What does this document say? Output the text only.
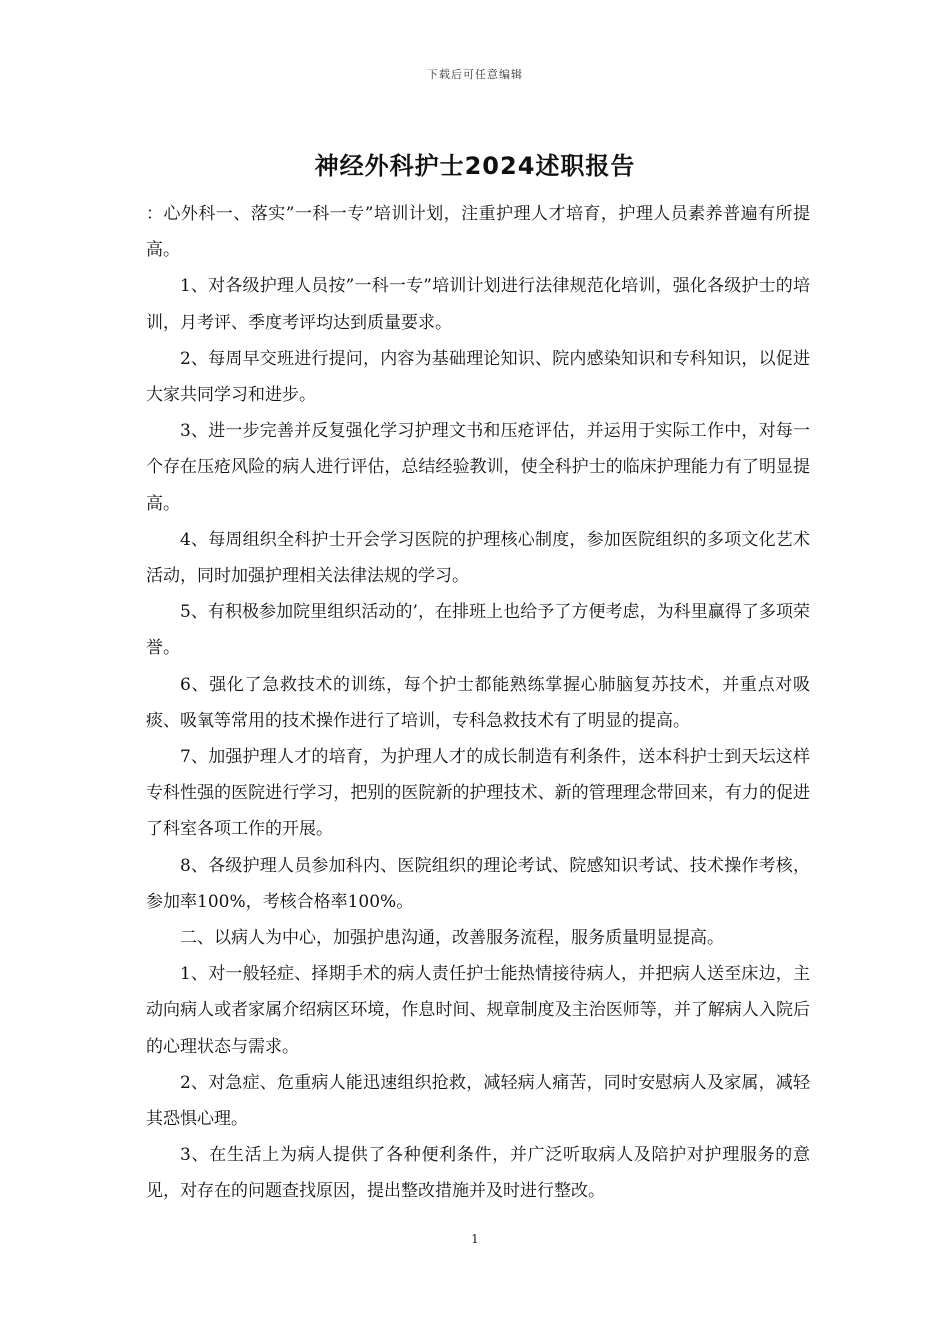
下载后可任意编辑
神经外科护士2024述职报告

：心外科一、落实”一科一专”培训计划，注重护理人才培育，护理人员素养普遍有所提高。

1、对各级护理人员按”一科一专”培训计划进行法律规范化培训，强化各级护士的培训，月考评、季度考评均达到质量要求。

2、每周早交班进行提问，内容为基础理论知识、院内感染知识和专科知识，以促进大家共同学习和进步。

3、进一步完善并反复强化学习护理文书和压疮评估，并运用于实际工作中，对每一个存在压疮风险的病人进行评估，总结经验教训，使全科护士的临床护理能力有了明显提高。

4、每周组织全科护士开会学习医院的护理核心制度，参加医院组织的多项文化艺术活动，同时加强护理相关法律法规的学习。

5、有积极参加院里组织活动的’，在排班上也给予了方便考虑，为科里赢得了多项荣誉。

6、强化了急救技术的训练，每个护士都能熟练掌握心肺脑复苏技术，并重点对吸痰、吸氧等常用的技术操作进行了培训，专科急救技术有了明显的提高。

7、加强护理人才的培育，为护理人才的成长制造有利条件，送本科护士到天坛这样专科性强的医院进行学习，把别的医院新的护理技术、新的管理理念带回来，有力的促进了科室各项工作的开展。

8、各级护理人员参加科内、医院组织的理论考试、院感知识考试、技术操作考核，参加率100%，考核合格率100%。

二、以病人为中心，加强护患沟通，改善服务流程，服务质量明显提高。

1、对一般轻症、择期手术的病人责任护士能热情接待病人，并把病人送至床边，主动向病人或者家属介绍病区环境，作息时间、规章制度及主治医师等，并了解病人入院后的心理状态与需求。

2、对急症、危重病人能迅速组织抢救，减轻病人痛苦，同时安慰病人及家属，减轻其恐惧心理。

3、在生活上为病人提供了各种便利条件，并广泛听取病人及陪护对护理服务的意见，对存在的问题查找原因，提出整改措施并及时进行整改。

1
